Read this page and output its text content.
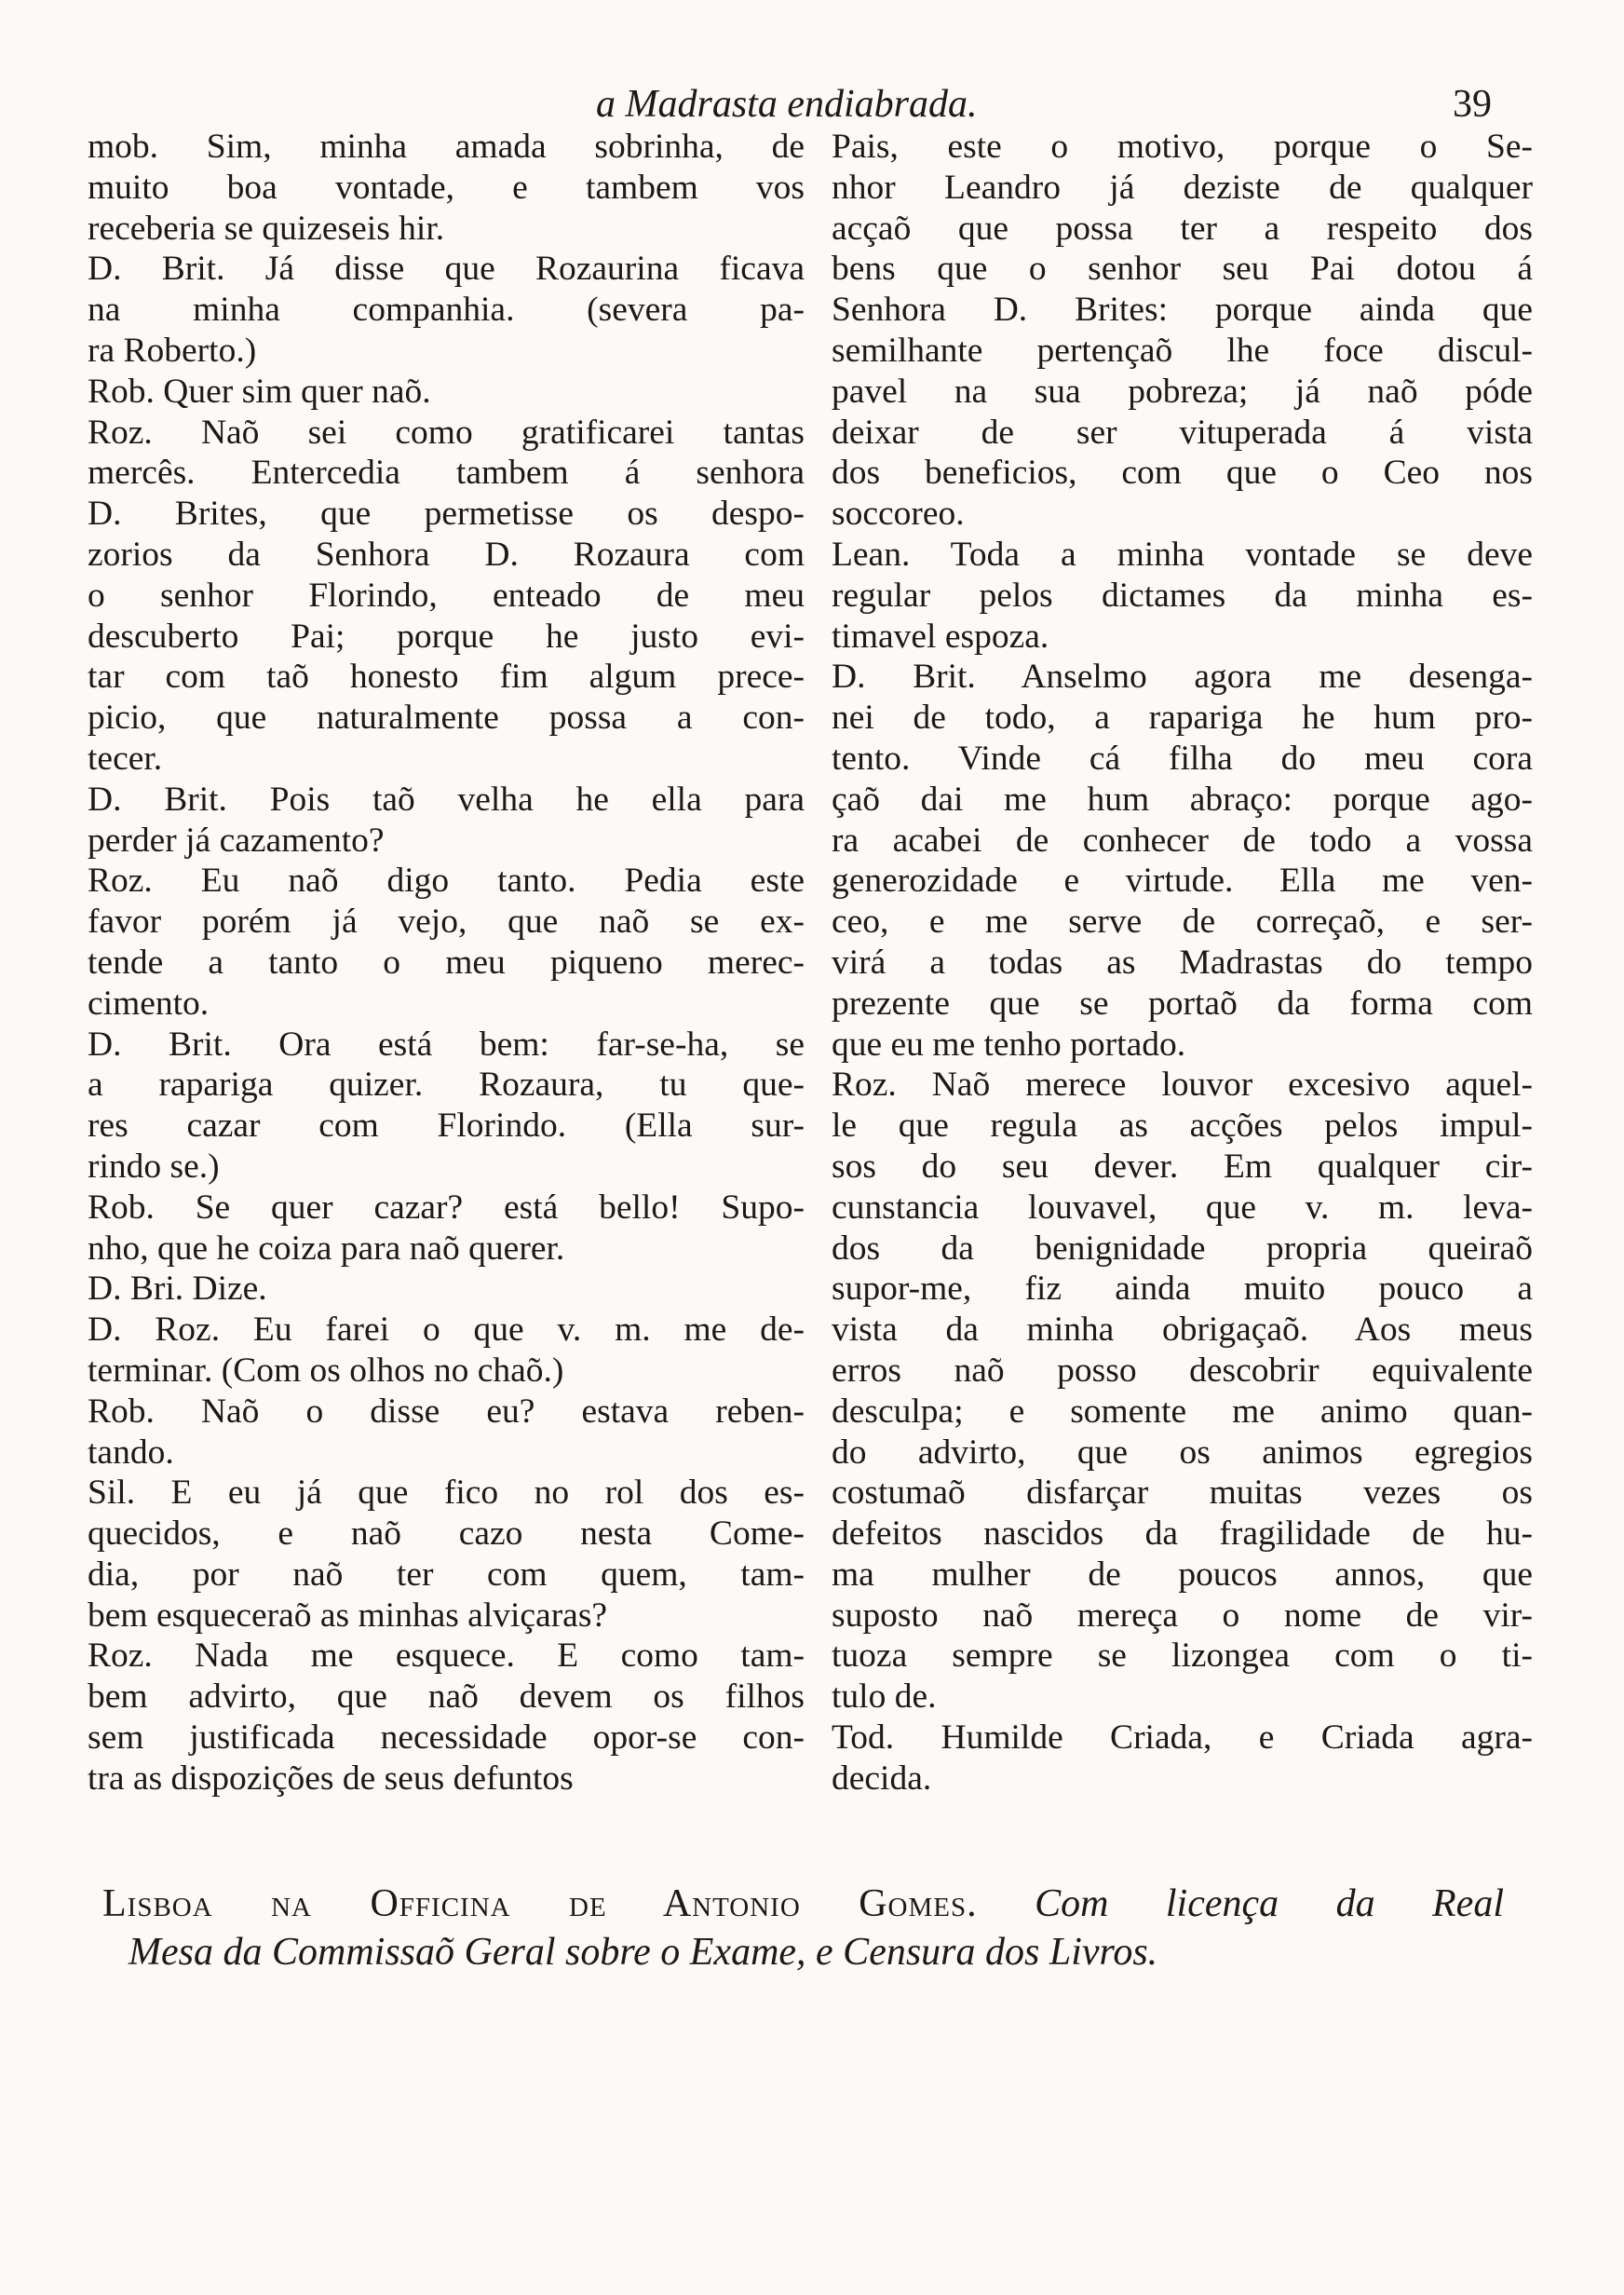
a Madrasta endiabrada.	39
mob. Sim, minha amada sobrinha, de
muito boa vontade, e tambem vos
receberia se quizeseis hir.
D. Brit. Já disse que Rozaurina ficava
na minha companhia. (severa pa-
ra Roberto.)
Rob. Quer sim quer naõ.
Roz. Naõ sei como gratificarei tantas
mercês. Entercedia tambem á senhora
D. Brites, que permetisse os despo-
zorios da Senhora D. Rozaura com
o senhor Florindo, enteado de meu
descuberto Pai; porque he justo evi-
tar com taõ honesto fim algum prece-
picio, que naturalmente possa a con-
tecer.
D. Brit. Pois taõ velha he ella para
perder já cazamento?
Roz. Eu naõ digo tanto. Pedia este
favor porém já vejo, que naõ se ex-
tende a tanto o meu piqueno merec-
cimento.
D. Brit. Ora está bem: far-se-ha, se
a rapariga quizer. Rozaura, tu que-
res cazar com Florindo. (Ella sur-
rindo se.)
Rob. Se quer cazar? está bello! Supo-
nho, que he coiza para naõ querer.
D. Bri. Dize.
D. Roz. Eu farei o que v. m. me de-
terminar. (Com os olhos no chaõ.)
Rob. Naõ o disse eu? estava reben-
tando.
Sil. E eu já que fico no rol dos es-
quecidos, e naõ cazo nesta Come-
dia, por naõ ter com quem, tam-
bem esqueceraõ as minhas alviçaras?
Roz. Nada me esquece. E como tam-
bem advirto, que naõ devem os filhos
sem justificada necessidade opor-se con-
tra as dispozições de seus defuntos
Pais, este o motivo, porque o Se-
nhor Leandro já deziste de qualquer
acçaõ que possa ter a respeito dos
bens que o senhor seu Pai dotou á
Senhora D. Brites: porque ainda que
semilhante pertençaõ lhe foce discul-
pavel na sua pobreza; já naõ póde
deixar de ser vituperada á vista
dos beneficios, com que o Ceo nos
soccoreo.
Lean. Toda a minha vontade se deve
regular pelos dictames da minha es-
timavel espoza.
D. Brit. Anselmo agora me desenga-
nei de todo, a rapariga he hum pro-
tento. Vinde cá filha do meu cora
çaõ dai me hum abraço: porque ago-
ra acabei de conhecer de todo a vossa
generozidade e virtude. Ella me ven-
ceo, e me serve de correçaõ, e ser-
virá a todas as Madrastas do tempo
prezente que se portaõ da forma com
que eu me tenho portado.
Roz. Naõ merece louvor excesivo aquel-
le que regula as acções pelos impul-
sos do seu dever. Em qualquer cir-
cunstancia louvavel, que v. m. leva-
dos da benignidade propria queiraõ
supor-me, fiz ainda muito pouco a
vista da minha obrigaçaõ. Aos meus
erros naõ posso descobrir equivalente
desculpa; e somente me animo quan-
do advirto, que os animos egregios
costumaõ disfarçar muitas vezes os
defeitos nascidos da fragilidade de hu-
ma mulher de poucos annos, que
suposto naõ mereça o nome de vir-
tuoza sempre se lizongea com o ti-
tulo de.
Tod. Humilde Criada, e Criada agra-
decida.
Lisboa na Officina de Antonio Gomes. Com licença da Real
Mesa da Commissaõ Geral sobre o Exame, e Censura dos Livros.
